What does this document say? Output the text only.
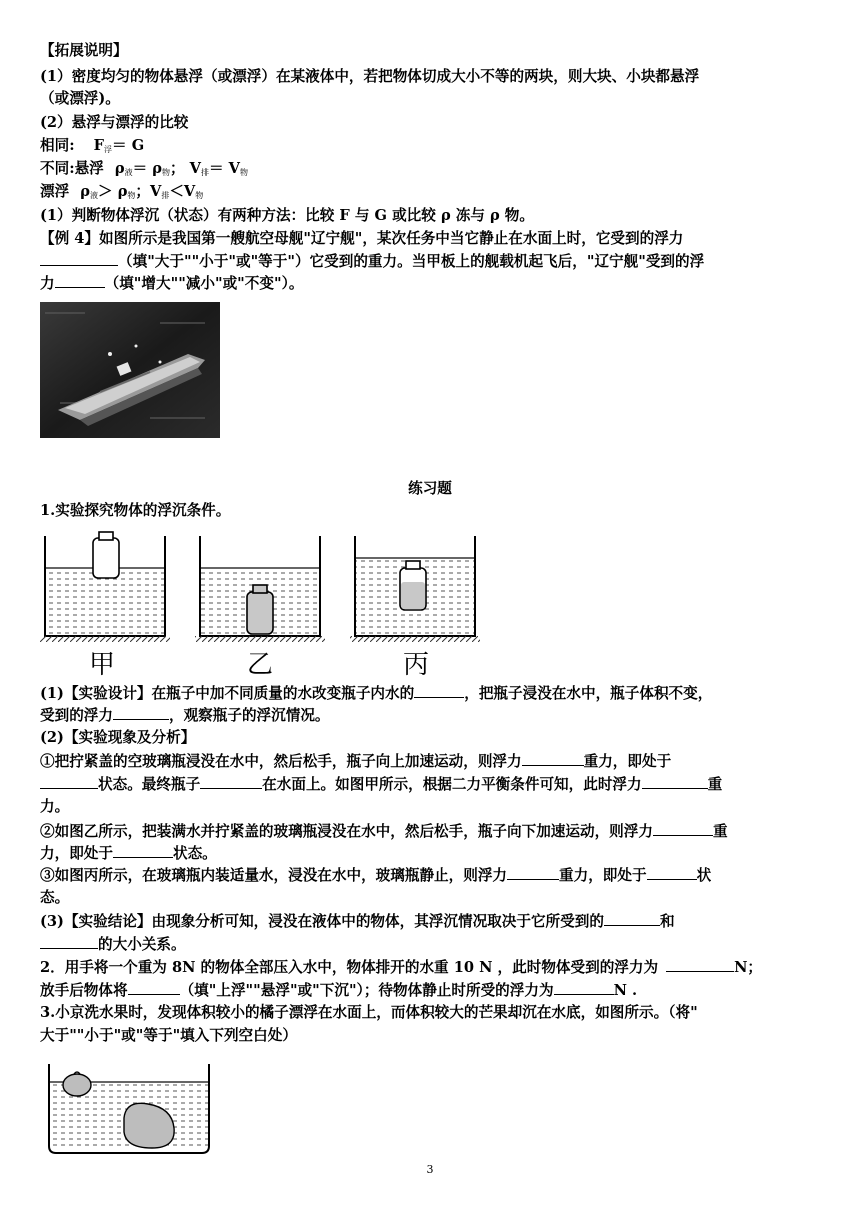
【拓展说明】
(1）密度均匀的物体悬浮（或漂浮）在某液体中，若把物体切成大小不等的两块，则大块、小块都悬浮
（或漂浮)。
(2）悬浮与漂浮的比较
相同: $F_浮= G$
不同:悬浮 $\rho_液= \rho_物$； $V_排= V_物$
漂浮 $\rho_液> \rho_物$；$V_排<V_物$
(1）判断物体浮沉（状态）有两种方法：比较 F 与 G 或比较 ρ 冻与 ρ 物。
【例 4】如图所示是我国第一艘航空母舰"辽宁舰"，某次任务中当它静止在水面上时，它受到的浮力
（填"大于""小于"或"等于"）它受到的重力。当甲板上的舰载机起飞后，"辽宁舰"受到的浮
力	（填"增大""减小"或"不变"）。
练习题
1.实验探究物体的浮沉条件。
甲	乙	丙
(1)【实验设计】在瓶子中加不同质量的水改变瓶子内水的	，把瓶子浸没在水中，瓶子体积不变，
受到的浮力	，观察瓶子的浮沉情况。
(2)【实验现象及分析】
①把拧紧盖的空玻璃瓶浸没在水中，然后松手，瓶子向上加速运动，则浮力	重力，即处于
状态。最终瓶子	在水面上。如图甲所示，根据二力平衡条件可知，此时浮力	重
力。
②如图乙所示，把装满水并拧紧盖的玻璃瓶浸没在水中，然后松手，瓶子向下加速运动，则浮力	重
力，即处于	状态。
③如图丙所示，在玻璃瓶内装适量水，浸没在水中，玻璃瓶静止，则浮力	重力，即处于	状
态。
(3)【实验结论】由现象分析可知，浸没在液体中的物体，其浮沉情况取决于它所受到的	和
的大小关系。
2．用手将一个重为 8N 的物体全部压入水中，物体排开的水重 10 N ，此时物体受到的浮力为	N；
放手后物体将	（填"上浮""悬浮"或"下沉"）；待物体静止时所受的浮力为	N .
3.小京洗水果时，发现体积较小的橘子漂浮在水面上，而体积较大的芒果却沉在水底，如图所示。（将"
大于""小于"或"等于"填入下列空白处）
3
